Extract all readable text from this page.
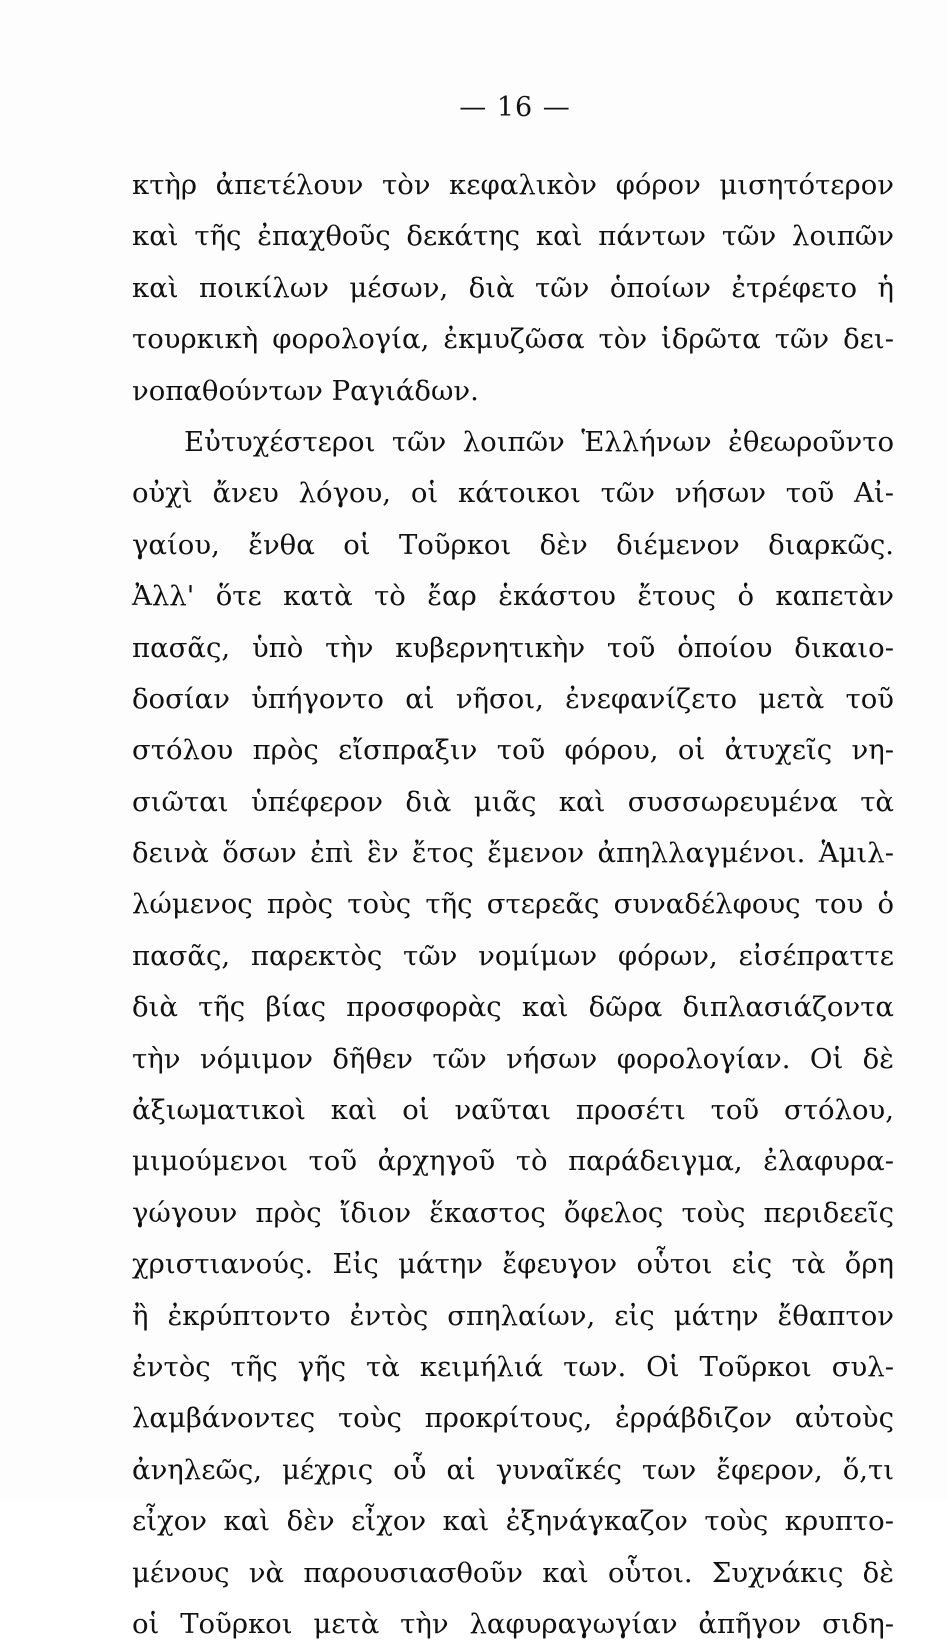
— 16 —
κτὴρ ἀπετέλουν τὸν κεφαλικὸν φόρον μισητότερον
καὶ τῆς ἐπαχθοῦς δεκάτης καὶ πάντων τῶν λοιπῶν
καὶ ποικίλων μέσων, διὰ τῶν ὁποίων ἐτρέφετο ἡ
τουρκικὴ φορολογία, ἐκμυζῶσα τὸν ἱδρῶτα τῶν δει-
νοπαθούντων Ραγιάδων.
Εὐτυχέστεροι τῶν λοιπῶν Ἑλλήνων ἐθεωροῦντο
οὐχὶ ἄνευ λόγου, οἱ κάτοικοι τῶν νήσων τοῦ Αἰ-
γαίου, ἔνθα οἱ Τοῦρκοι δὲν διέμενον διαρκῶς.
Ἀλλ' ὅτε κατὰ τὸ ἔαρ ἑκάστου ἔτους ὁ καπετὰν
πασᾶς, ὑπὸ τὴν κυβερνητικὴν τοῦ ὁποίου δικαιο-
δοσίαν ὑπήγοντο αἱ νῆσοι, ἐνεφανίζετο μετὰ τοῦ
στόλου πρὸς εἴσπραξιν τοῦ φόρου, οἱ ἀτυχεῖς νη-
σιῶται ὑπέφερον διὰ μιᾶς καὶ συσσωρευμένα τὰ
δεινὰ ὅσων ἐπὶ ἓν ἔτος ἔμενον ἀπηλλαγμένοι. Ἁμιλ-
λώμενος πρὸς τοὺς τῆς στερεᾶς συναδέλφους του ὁ
πασᾶς, παρεκτὸς τῶν νομίμων φόρων, εἰσέπραττε
διὰ τῆς βίας προσφορὰς καὶ δῶρα διπλασιάζοντα
τὴν νόμιμον δῆθεν τῶν νήσων φορολογίαν. Οἱ δὲ
ἀξιωματικοὶ καὶ οἱ ναῦται προσέτι τοῦ στόλου,
μιμούμενοι τοῦ ἀρχηγοῦ τὸ παράδειγμα, ἐλαφυρα-
γώγουν πρὸς ἴδιον ἕκαστος ὄφελος τοὺς περιδεεῖς
χριστιανούς. Εἰς μάτην ἔφευγον οὗτοι εἰς τὰ ὄρη
ἢ ἐκρύπτοντο ἐντὸς σπηλαίων, εἰς μάτην ἔθαπτον
ἐντὸς τῆς γῆς τὰ κειμήλιά των. Οἱ Τοῦρκοι συλ-
λαμβάνοντες τοὺς προκρίτους, ἐρράβδιζον αὐτοὺς
ἀνηλεῶς, μέχρις οὗ αἱ γυναῖκές των ἔφερον, ὅ,τι
εἶχον καὶ δὲν εἶχον καὶ ἐξηνάγκαζον τοὺς κρυπτο-
μένους νὰ παρουσιασθοῦν καὶ οὗτοι. Συχνάκις δὲ
οἱ Τοῦρκοι μετὰ τὴν λαφυραγωγίαν ἀπῆγον σιδη-
